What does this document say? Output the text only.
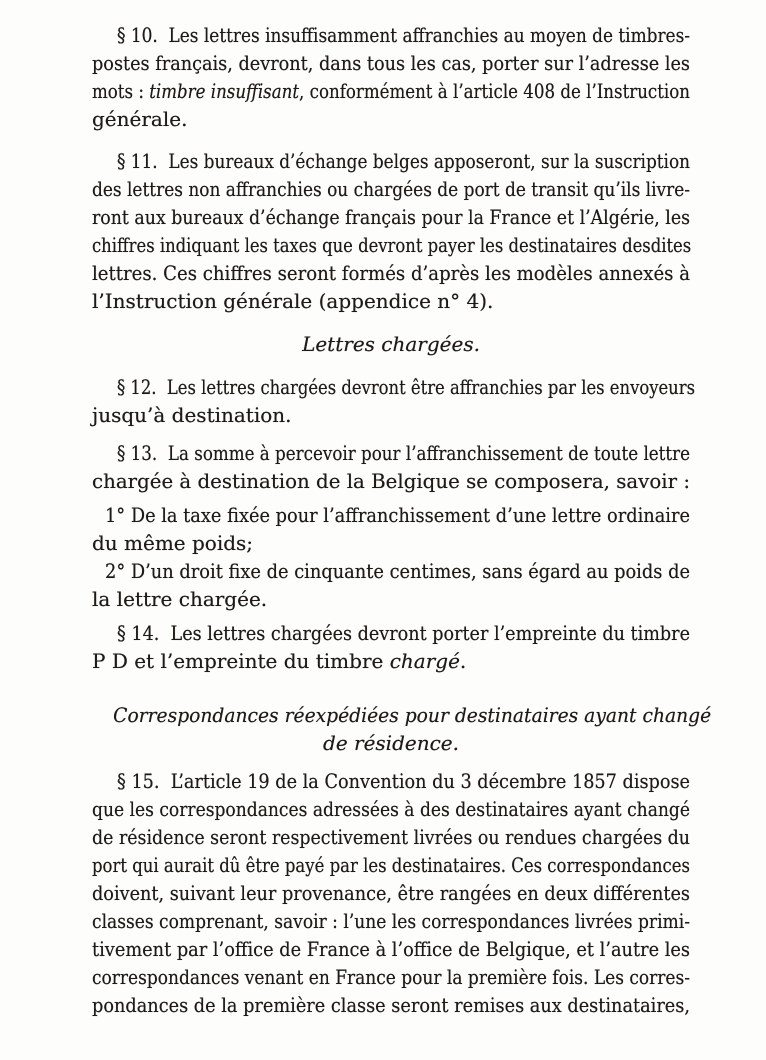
§ 10.  Les lettres insuffisamment affranchies au moyen de timbres-
postes français, devront, dans tous les cas, porter sur l’adresse les
mots : timbre insuffisant, conformément à l’article 408 de l’Instruction
générale.
§ 11.  Les bureaux d’échange belges apposeront, sur la suscription
des lettres non affranchies ou chargées de port de transit qu’ils livre-
ront aux bureaux d’échange français pour la France et l’Algérie, les
chiffres indiquant les taxes que devront payer les destinataires desdites
lettres. Ces chiffres seront formés d’après les modèles annexés à
l’Instruction générale (appendice n° 4).
Lettres chargées.
§ 12.  Les lettres chargées devront être affranchies par les envoyeurs
jusqu’à destination.
§ 13.  La somme à percevoir pour l’affranchissement de toute lettre
chargée à destination de la Belgique se composera, savoir :
1° De la taxe fixée pour l’affranchissement d’une lettre ordinaire
du même poids;
2° D’un droit fixe de cinquante centimes, sans égard au poids de
la lettre chargée.
§ 14.  Les lettres chargées devront porter l’empreinte du timbre
P D et l’empreinte du timbre chargé.
Correspondances réexpédiées pour destinataires ayant changé
de résidence.
§ 15.  L’article 19 de la Convention du 3 décembre 1857 dispose
que les correspondances adressées à des destinataires ayant changé
de résidence seront respectivement livrées ou rendues chargées du
port qui aurait dû être payé par les destinataires. Ces correspondances
doivent, suivant leur provenance, être rangées en deux différentes
classes comprenant, savoir : l’une les correspondances livrées primi-
tivement par l’office de France à l’office de Belgique, et l’autre les
correspondances venant en France pour la première fois. Les corres-
pondances de la première classe seront remises aux destinataires,
